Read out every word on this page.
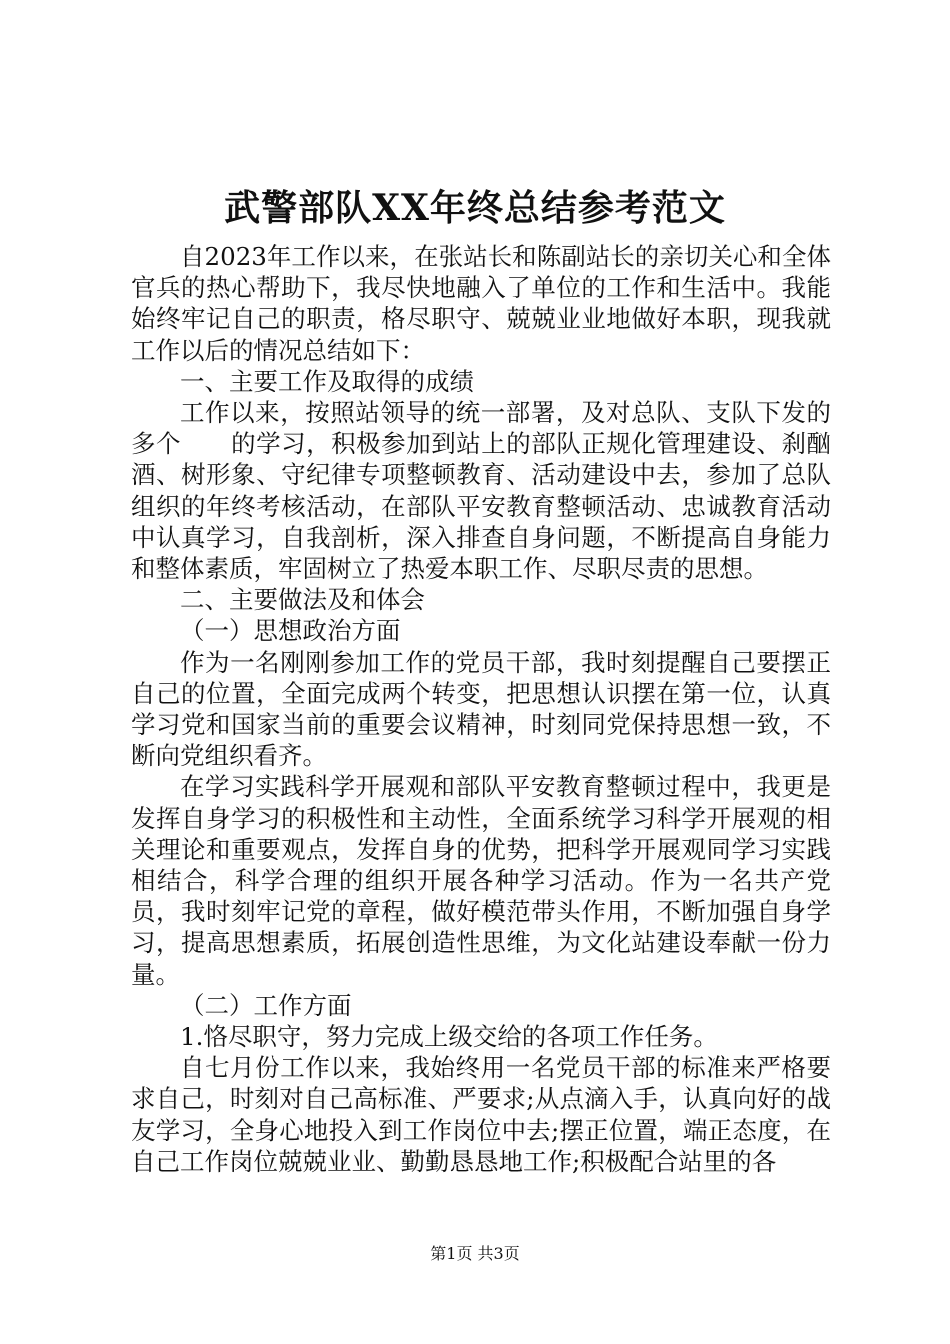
武警部队XX年终总结参考范文

自2023年工作以来，在张站长和陈副站长的亲切关心和全体官兵的热心帮助下，我尽快地融入了单位的工作和生活中。我能始终牢记自己的职责，格尽职守、兢兢业业地做好本职，现我就工作以后的情况总结如下：

一、主要工作及取得的成绩

工作以来，按照站领导的统一部署，及对总队、支队下发的多个　　的学习，积极参加到站上的部队正规化管理建设、刹酗酒、树形象、守纪律专项整顿教育、活动建设中去，参加了总队组织的年终考核活动，在部队平安教育整顿活动、忠诚教育活动中认真学习，自我剖析，深入排查自身问题，不断提高自身能力和整体素质，牢固树立了热爱本职工作、尽职尽责的思想。

二、主要做法及和体会

（一）思想政治方面

作为一名刚刚参加工作的党员干部，我时刻提醒自己要摆正自己的位置，全面完成两个转变，把思想认识摆在第一位，认真学习党和国家当前的重要会议精神，时刻同党保持思想一致，不断向党组织看齐。

在学习实践科学开展观和部队平安教育整顿过程中，我更是发挥自身学习的积极性和主动性，全面系统学习科学开展观的相关理论和重要观点，发挥自身的优势，把科学开展观同学习实践相结合，科学合理的组织开展各种学习活动。作为一名共产党员，我时刻牢记党的章程，做好模范带头作用，不断加强自身学习，提高思想素质，拓展创造性思维，为文化站建设奉献一份力量。

（二）工作方面

1.恪尽职守，努力完成上级交给的各项工作任务。

自七月份工作以来，我始终用一名党员干部的标准来严格要求自己，时刻对自己高标准、严要求;从点滴入手，认真向好的战友学习，全身心地投入到工作岗位中去;摆正位置，端正态度，在自己工作岗位兢兢业业、勤勤恳恳地工作;积极配合站里的各

第1页 共3页
